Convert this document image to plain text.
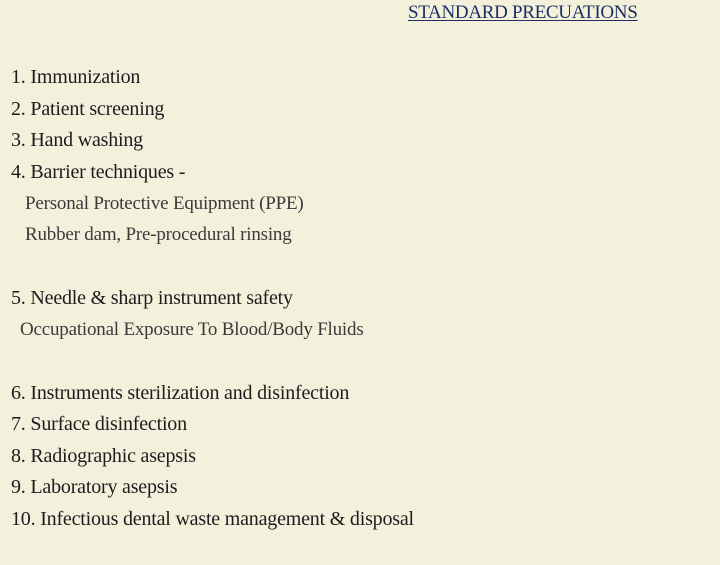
STANDARD PRECUATIONS
1. Immunization
2. Patient screening
3. Hand washing
4. Barrier techniques -
Personal Protective Equipment (PPE)
Rubber dam, Pre-procedural rinsing
5. Needle & sharp instrument safety
Occupational Exposure To Blood/Body Fluids
6. Instruments sterilization and disinfection
7. Surface disinfection
8. Radiographic asepsis
9. Laboratory asepsis
10. Infectious dental waste management & disposal
